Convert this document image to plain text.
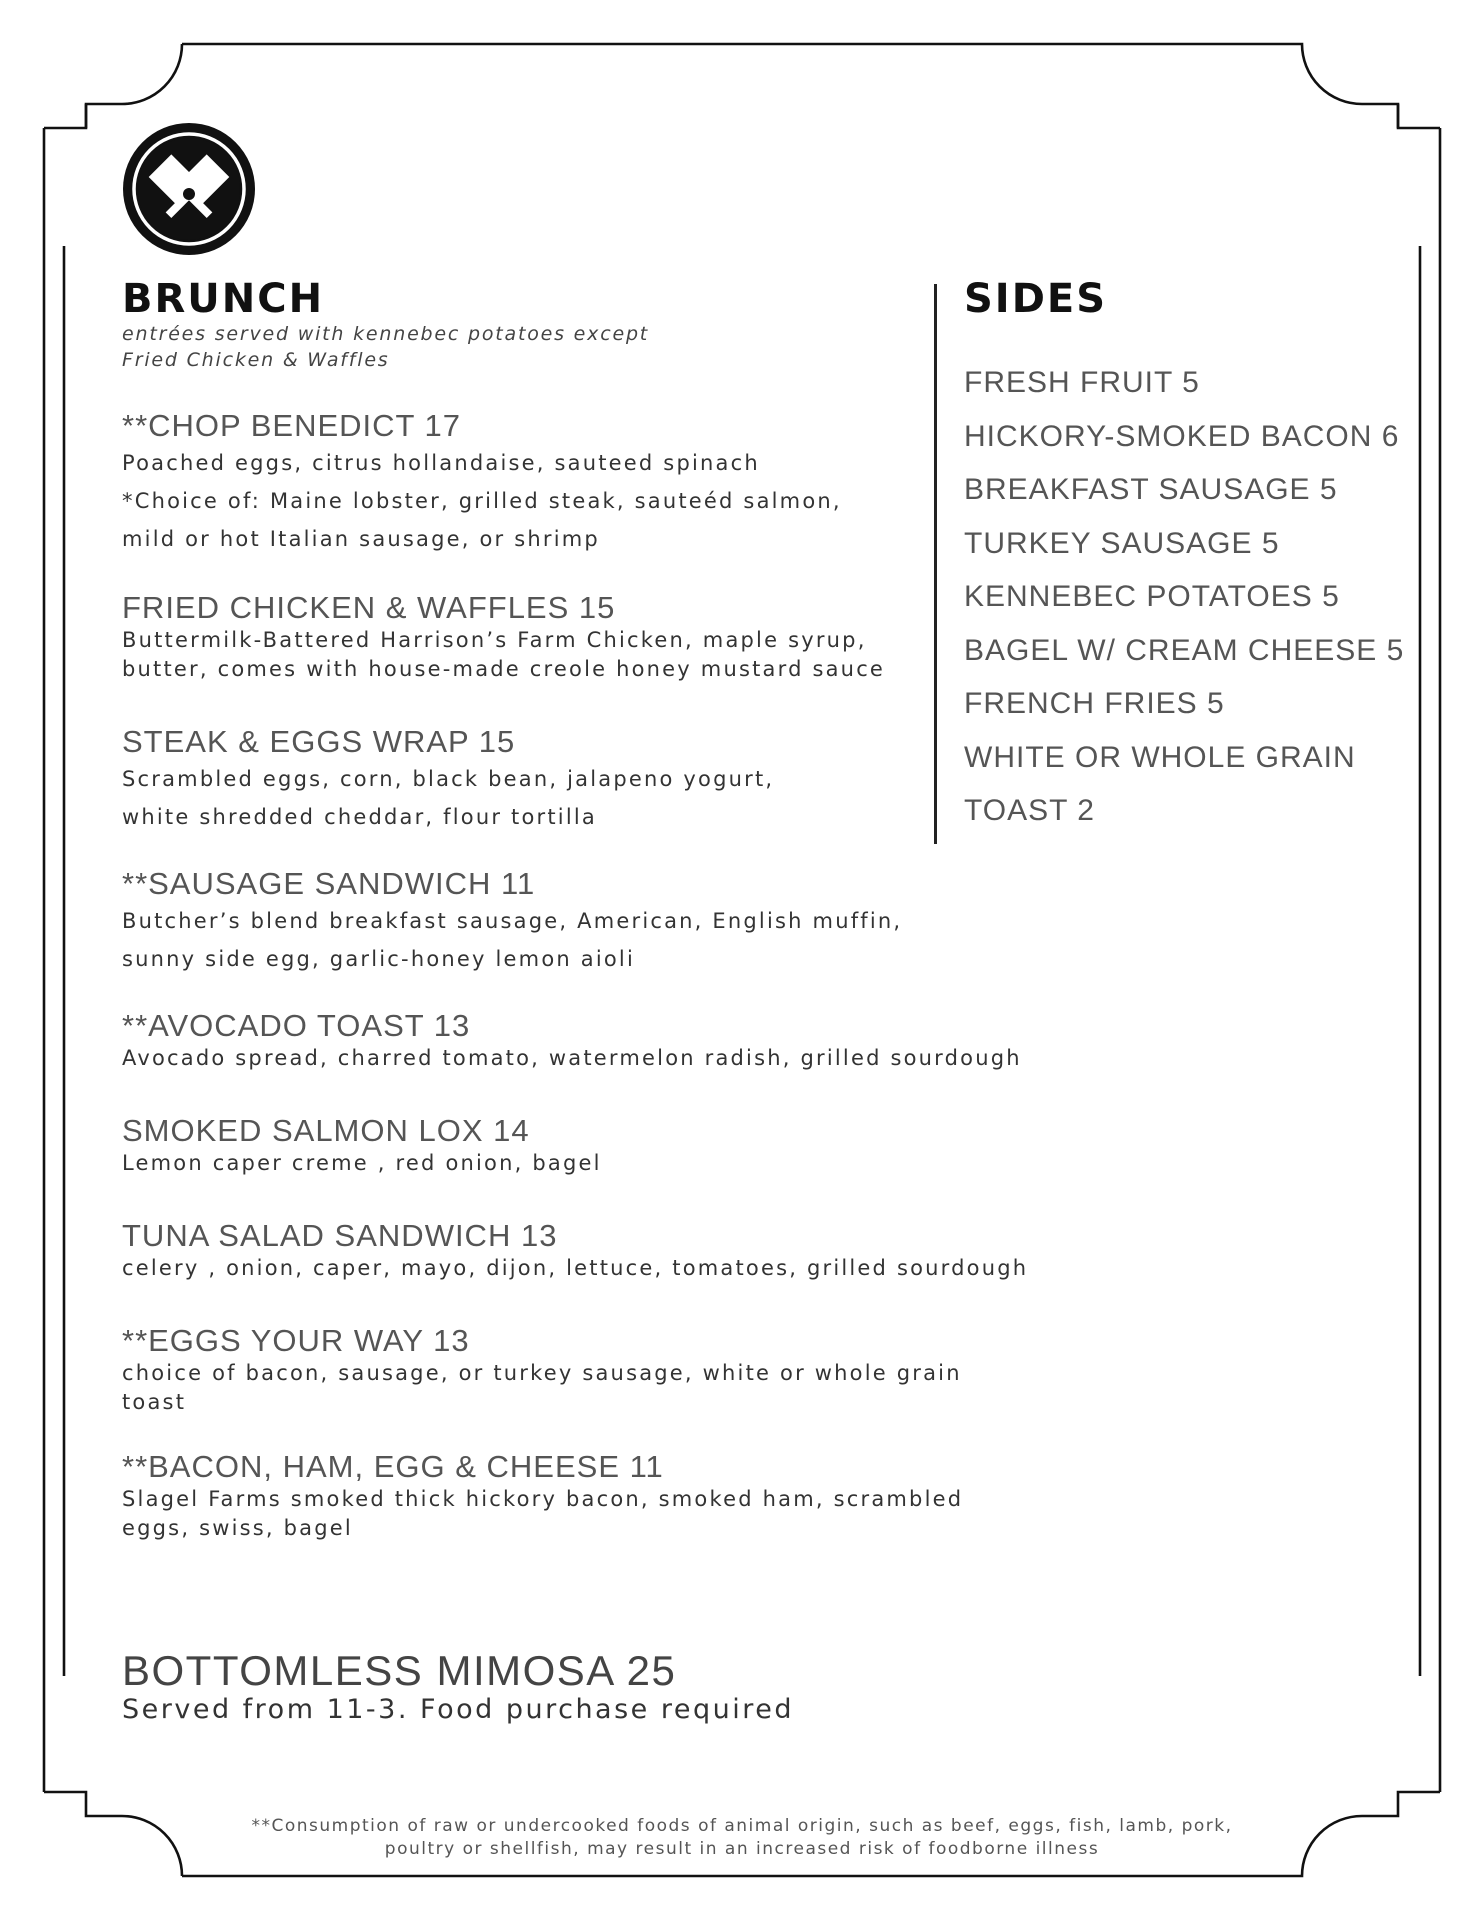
BRUNCH
entrées served with kennebec potatoes except
Fried Chicken & Waffles
SIDES
**CHOP BENEDICT 17
Poached eggs, citrus hollandaise, sauteed spinach
*Choice of: Maine lobster, grilled steak, sauteéd salmon,
mild or hot Italian sausage, or shrimp
FRIED CHICKEN & WAFFLES 15
Buttermilk-Battered Harrison’s Farm Chicken, maple syrup,
butter, comes with house-made creole honey mustard sauce
STEAK & EGGS WRAP 15
Scrambled eggs, corn, black bean, jalapeno yogurt,
white shredded cheddar, flour tortilla
**SAUSAGE SANDWICH 11
Butcher’s blend breakfast sausage, American, English muffin,
sunny side egg, garlic-honey lemon aioli
**AVOCADO TOAST 13
Avocado spread, charred tomato, watermelon radish, grilled sourdough
SMOKED SALMON LOX 14
Lemon caper creme , red onion, bagel
TUNA SALAD SANDWICH 13
celery , onion, caper, mayo, dijon, lettuce, tomatoes, grilled sourdough
**EGGS YOUR WAY 13
choice of bacon, sausage, or turkey sausage, white or whole grain
toast
**BACON, HAM, EGG & CHEESE 11
Slagel Farms smoked thick hickory bacon, smoked ham, scrambled
eggs, swiss, bagel
FRESH FRUIT 5
HICKORY-SMOKED BACON 6
BREAKFAST SAUSAGE 5
TURKEY SAUSAGE 5
KENNEBEC POTATOES 5
BAGEL W/ CREAM CHEESE 5
FRENCH FRIES 5
WHITE OR WHOLE GRAIN
TOAST 2
BOTTOMLESS MIMOSA 25
Served from 11-3. Food purchase required
**Consumption of raw or undercooked foods of animal origin, such as beef, eggs, fish, lamb, pork,
poultry or shellfish, may result in an increased risk of foodborne illness
